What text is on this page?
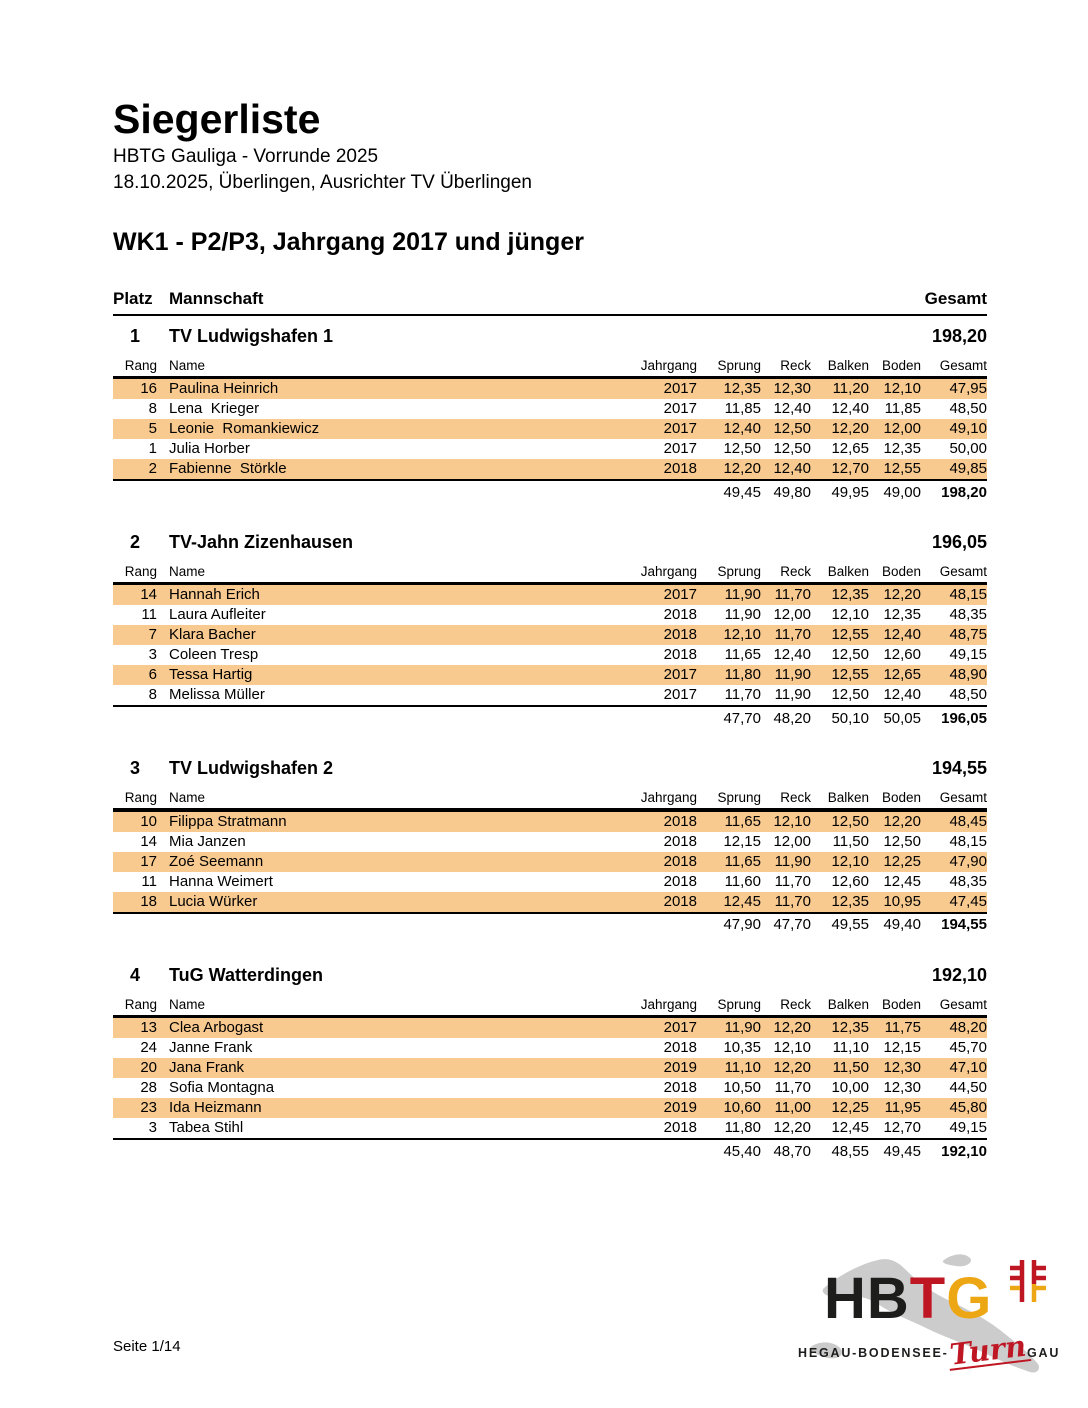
Siegerliste
HBTG Gauliga - Vorrunde 2025
18.10.2025, Überlingen, Ausrichter TV Überlingen
WK1 - P2/P3, Jahrgang 2017 und jünger
Platz Mannschaft	Gesamt
1	TV Ludwigshafen 1	198,20
Rang Name	Jahrgang	Sprung	Reck	Balken Boden	Gesamt
16 Paulina Heinrich	2017	12,35 12,30	11,20 12,10	47,95
8 Lena  Krieger	2017	11,85 12,40	12,40	11,85	48,50
5 Leonie  Romankiewicz	2017	12,40 12,50	12,20 12,00	49,10
1 Julia Horber	2017	12,50 12,50	12,65 12,35	50,00
2 Fabienne  Störkle	2018	12,20 12,40	12,70 12,55	49,85
49,45 49,80	49,95 49,00	198,20
2	TV-Jahn Zizenhausen	196,05
Rang Name	Jahrgang	Sprung	Reck	Balken Boden	Gesamt
14 Hannah Erich	2017	11,90 11,70	12,35 12,20	48,15
11 Laura Aufleiter	2018	11,90 12,00	12,10 12,35	48,35
7 Klara Bacher	2018	12,10 11,70	12,55 12,40	48,75
3 Coleen Tresp	2018	11,65 12,40	12,50 12,60	49,15
6 Tessa Hartig	2017	11,80 11,90	12,55 12,65	48,90
8 Melissa Müller	2017	11,70 11,90	12,50 12,40	48,50
47,70 48,20	50,10 50,05	196,05
3	TV Ludwigshafen 2	194,55
Rang Name	Jahrgang	Sprung	Reck	Balken Boden	Gesamt
10 Filippa Stratmann	2018	11,65 12,10	12,50 12,20	48,45
14 Mia Janzen	2018	12,15 12,00	11,50 12,50	48,15
17 Zoé Seemann	2018	11,65 11,90	12,10 12,25	47,90
11 Hanna Weimert	2018	11,60 11,70	12,60 12,45	48,35
18 Lucia Würker	2018	12,45 11,70	12,35 10,95	47,45
47,90 47,70	49,55 49,40	194,55
4	TuG Watterdingen	192,10
Rang Name	Jahrgang	Sprung	Reck	Balken Boden	Gesamt
13 Clea Arbogast	2017	11,90 12,20	12,35	11,75	48,20
24 Janne Frank	2018	10,35 12,10	11,10 12,15	45,70
20 Jana Frank	2019	11,10 12,20	11,50 12,30	47,10
28 Sofia Montagna	2018	10,50 11,70	10,00 12,30	44,50
23 Ida Heizmann	2019	10,60 11,00	12,25	11,95	45,80
3 Tabea Stihl	2018	11,80 12,20	12,45 12,70	49,15
45,40 48,70	48,55 49,45	192,10
Seite 1/14
HBTG
HEGAU-BODENSEE-TurnGAU
